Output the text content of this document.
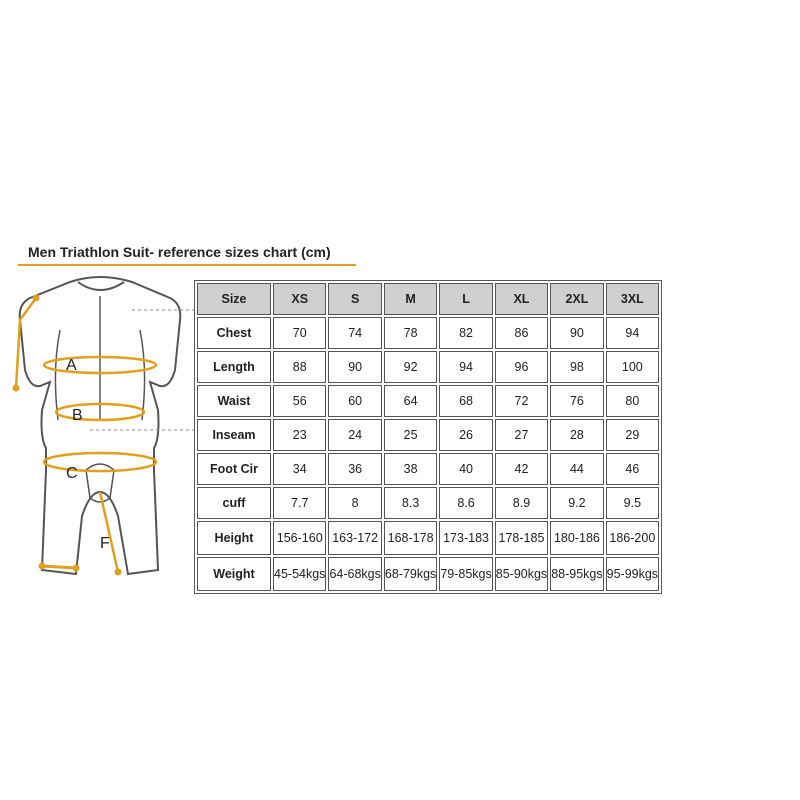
Men Triathlon Suit- reference sizes chart (cm)
A
B
C
F
Size	XS	S	M	L	XL	2XL	3XL
Chest	70	74	78	82	86	90	94
Length	88	90	92	94	96	98	100
Waist	56	60	64	68	72	76	80
Inseam	23	24	25	26	27	28	29
Foot Cir	34	36	38	40	42	44	46
cuff	7.7	8	8.3	8.6	8.9	9.2	9.5
Height	156-160	163-172	168-178	173-183	178-185	180-186	186-200
Weight	45-54kgs	64-68kgs	68-79kgs	79-85kgs	85-90kgs	88-95kgs	95-99kgs
